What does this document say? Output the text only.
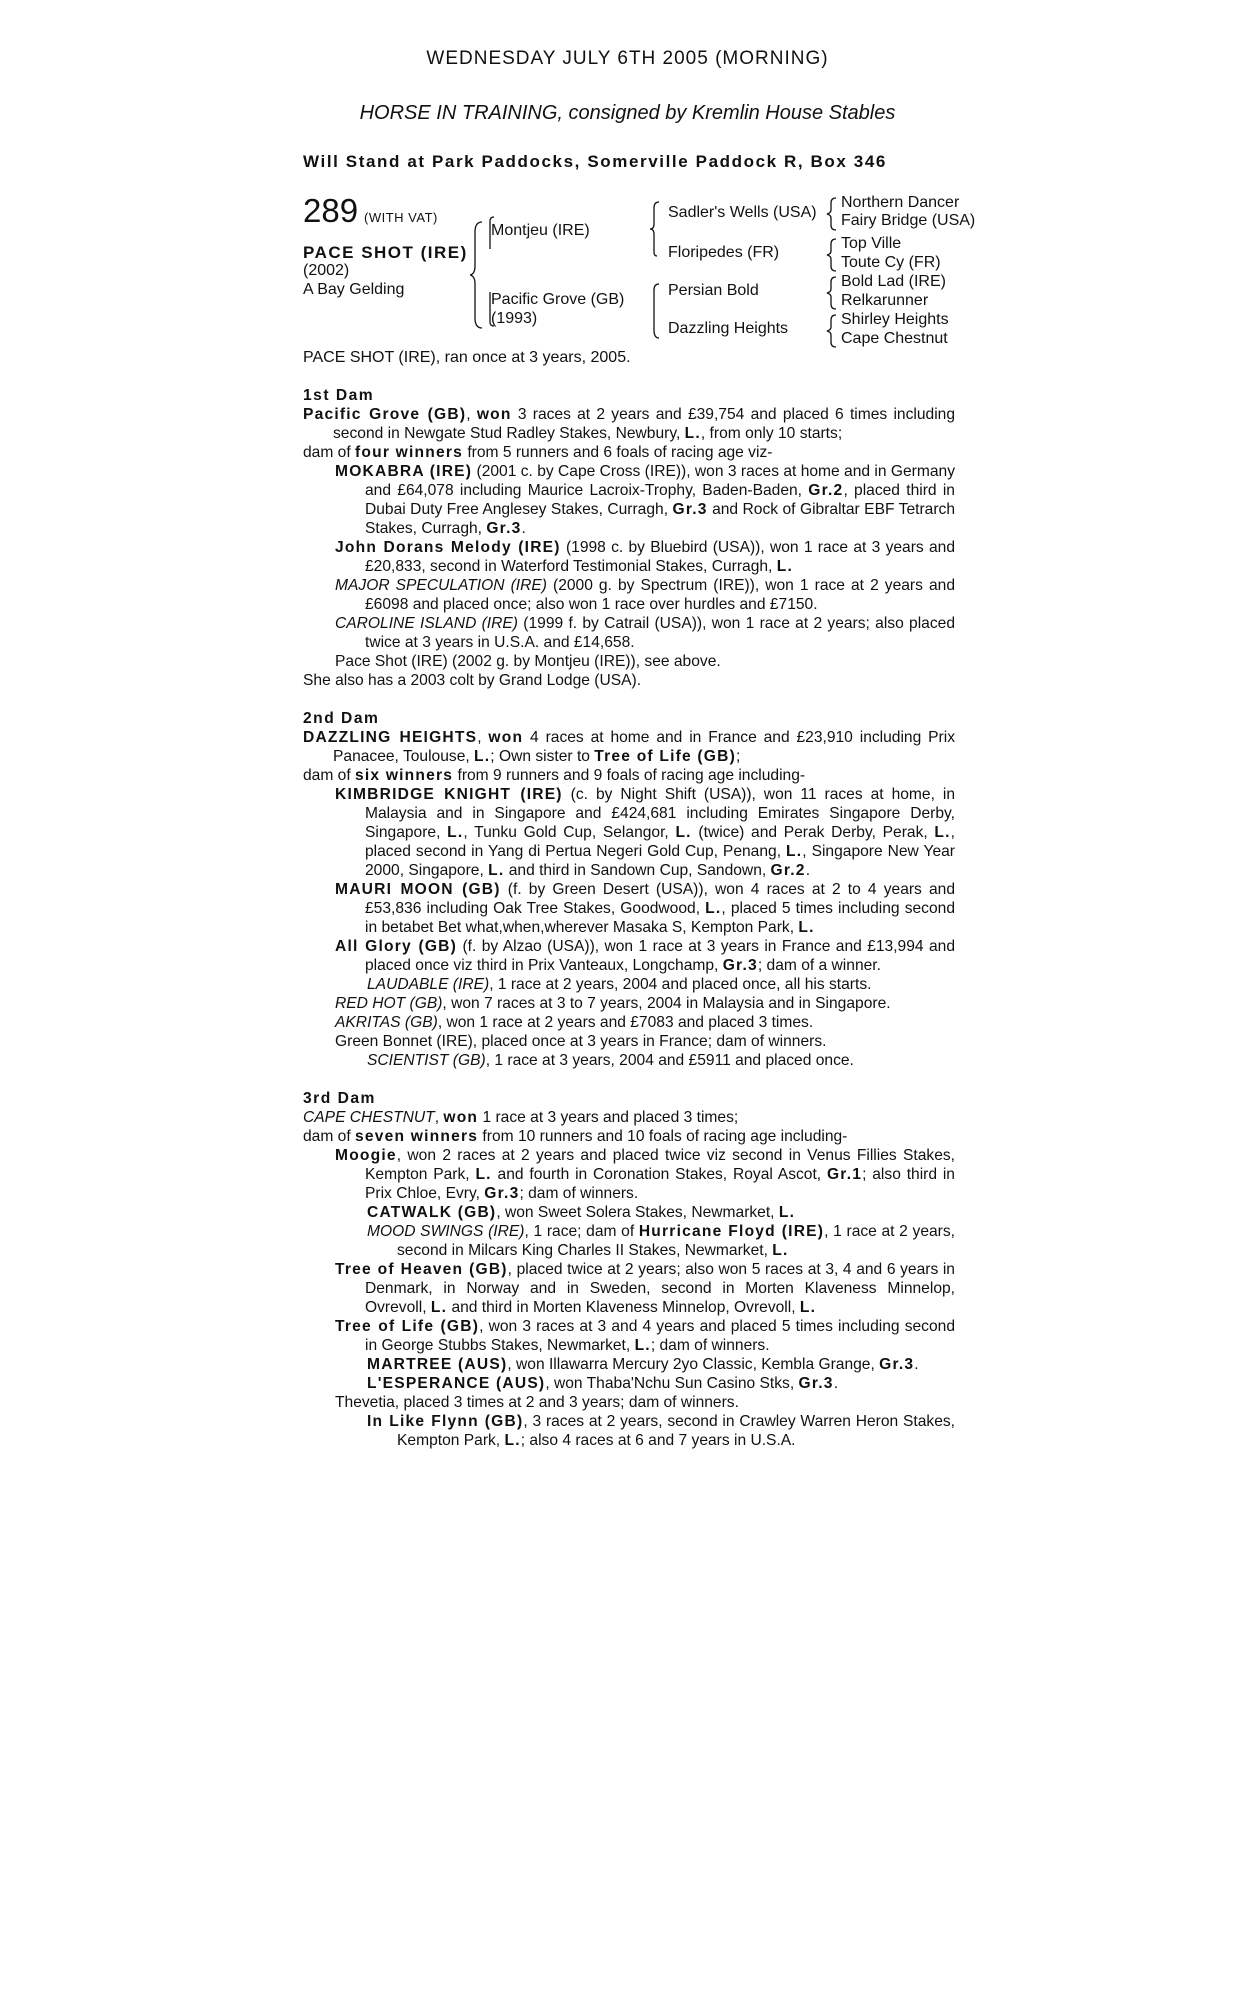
WEDNESDAY JULY 6TH 2005 (MORNING)
HORSE IN TRAINING, consigned by Kremlin House Stables
Will Stand at Park Paddocks, Somerville Paddock R, Box 346
289 (WITH VAT)
PACE SHOT (IRE)
(2002)
A Bay Gelding
Montjeu (IRE)
Pacific Grove (GB)
(1993)
Sadler's Wells (USA)
Floripedes (FR)
Persian Bold
Dazzling Heights
Northern Dancer
Fairy Bridge (USA)
Top Ville
Toute Cy (FR)
Bold Lad (IRE)
Relkarunner
Shirley Heights
Cape Chestnut
PACE SHOT (IRE), ran once at 3 years, 2005.
1st Dam

Pacific Grove (GB), won 3 races at 2 years and £39,754 and placed 6 times including second in Newgate Stud Radley Stakes, Newbury, L., from only 10 starts;

dam of four winners from 5 runners and 6 foals of racing age viz-

MOKABRA (IRE) (2001 c. by Cape Cross (IRE)), won 3 races at home and in Germany and £64,078 including Maurice Lacroix-Trophy, Baden-Baden, Gr.2, placed third in Dubai Duty Free Anglesey Stakes, Curragh, Gr.3 and Rock of Gibraltar EBF Tetrarch Stakes, Curragh, Gr.3.

John Dorans Melody (IRE) (1998 c. by Bluebird (USA)), won 1 race at 3 years and £20,833, second in Waterford Testimonial Stakes, Curragh, L.

MAJOR SPECULATION (IRE) (2000 g. by Spectrum (IRE)), won 1 race at 2 years and £6098 and placed once; also won 1 race over hurdles and £7150.

CAROLINE ISLAND (IRE) (1999 f. by Catrail (USA)), won 1 race at 2 years; also placed twice at 3 years in U.S.A. and £14,658.

Pace Shot (IRE) (2002 g. by Montjeu (IRE)), see above.

She also has a 2003 colt by Grand Lodge (USA).

2nd Dam

DAZZLING HEIGHTS, won 4 races at home and in France and £23,910 including Prix Panacee, Toulouse, L.; Own sister to Tree of Life (GB);

dam of six winners from 9 runners and 9 foals of racing age including-

KIMBRIDGE KNIGHT (IRE) (c. by Night Shift (USA)), won 11 races at home, in Malaysia and in Singapore and £424,681 including Emirates Singapore Derby, Singapore, L., Tunku Gold Cup, Selangor, L. (twice) and Perak Derby, Perak, L., placed second in Yang di Pertua Negeri Gold Cup, Penang, L., Singapore New Year 2000, Singapore, L. and third in Sandown Cup, Sandown, Gr.2.

MAURI MOON (GB) (f. by Green Desert (USA)), won 4 races at 2 to 4 years and £53,836 including Oak Tree Stakes, Goodwood, L., placed 5 times including second in betabet Bet what,when,wherever Masaka S, Kempton Park, L.

All Glory (GB) (f. by Alzao (USA)), won 1 race at 3 years in France and £13,994 and placed once viz third in Prix Vanteaux, Longchamp, Gr.3; dam of a winner.

LAUDABLE (IRE), 1 race at 2 years, 2004 and placed once, all his starts.

RED HOT (GB), won 7 races at 3 to 7 years, 2004 in Malaysia and in Singapore.

AKRITAS (GB), won 1 race at 2 years and £7083 and placed 3 times.

Green Bonnet (IRE), placed once at 3 years in France; dam of winners.

SCIENTIST (GB), 1 race at 3 years, 2004 and £5911 and placed once.

3rd Dam

CAPE CHESTNUT, won 1 race at 3 years and placed 3 times;

dam of seven winners from 10 runners and 10 foals of racing age including-

Moogie, won 2 races at 2 years and placed twice viz second in Venus Fillies Stakes, Kempton Park, L. and fourth in Coronation Stakes, Royal Ascot, Gr.1; also third in Prix Chloe, Evry, Gr.3; dam of winners.

CATWALK (GB), won Sweet Solera Stakes, Newmarket, L.

MOOD SWINGS (IRE), 1 race; dam of Hurricane Floyd (IRE), 1 race at 2 years, second in Milcars King Charles II Stakes, Newmarket, L.

Tree of Heaven (GB), placed twice at 2 years; also won 5 races at 3, 4 and 6 years in Denmark, in Norway and in Sweden, second in Morten Klaveness Minnelop, Ovrevoll, L. and third in Morten Klaveness Minnelop, Ovrevoll, L.

Tree of Life (GB), won 3 races at 3 and 4 years and placed 5 times including second in George Stubbs Stakes, Newmarket, L.; dam of winners.

MARTREE (AUS), won Illawarra Mercury 2yo Classic, Kembla Grange, Gr.3.

L'ESPERANCE (AUS), won Thaba'Nchu Sun Casino Stks, Gr.3.

Thevetia, placed 3 times at 2 and 3 years; dam of winners.

In Like Flynn (GB), 3 races at 2 years, second in Crawley Warren Heron Stakes, Kempton Park, L.; also 4 races at 6 and 7 years in U.S.A.
